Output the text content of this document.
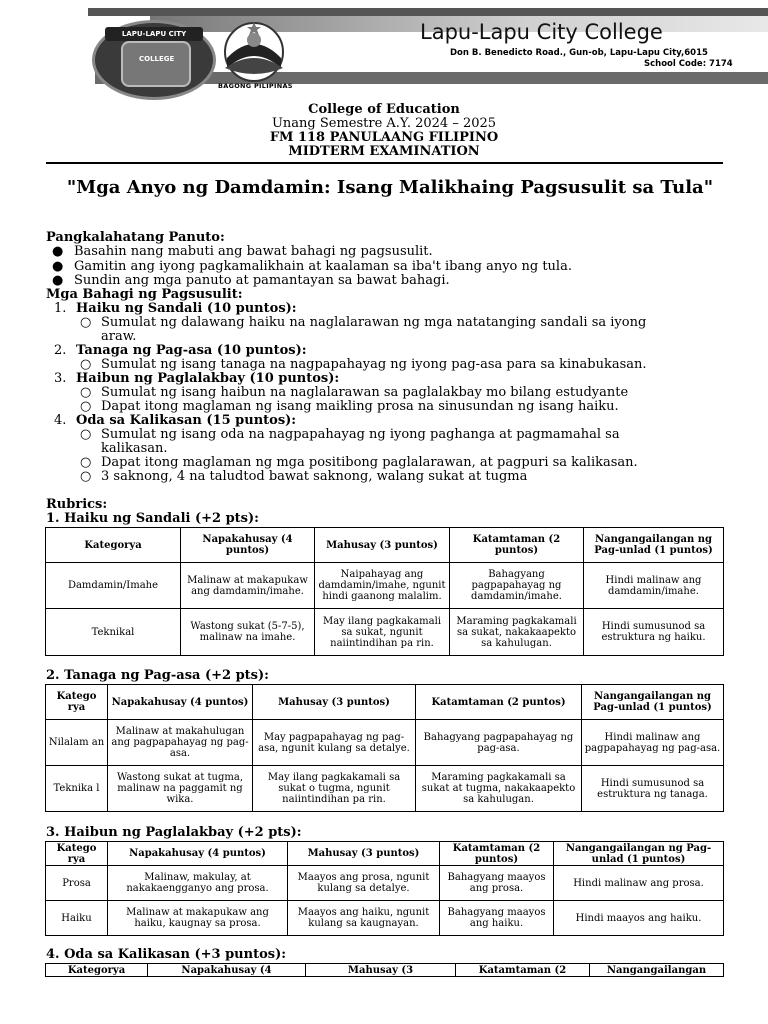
LAPU-LAPU CITY
COLLEGE
BAGONG PILIPINAS
Lapu-Lapu City College
Don B. Benedicto Road., Gun-ob, Lapu-Lapu City,6015
School Code: 7174
College of Education
Unang Semestre A.Y. 2024 – 2025
FM 118 PANULAANG FILIPINO
MIDTERM EXAMINATION
"Mga Anyo ng Damdamin: Isang Malikhaing Pagsusulit sa Tula"
Pangkalahatang Panuto:
● Basahin nang mabuti ang bawat bahagi ng pagsusulit.
● Gamitin ang iyong pagkamalikhain at kaalaman sa iba't ibang anyo ng tula.
● Sundin ang mga panuto at pamantayan sa bawat bahagi.
Mga Bahagi ng Pagsusulit:
1. Haiku ng Sandali (10 puntos):
○ Sumulat ng dalawang haiku na naglalarawan ng mga natatanging sandali sa iyong
araw.
2. Tanaga ng Pag-asa (10 puntos):
○ Sumulat ng isang tanaga na nagpapahayag ng iyong pag-asa para sa kinabukasan.
3. Haibun ng Paglalakbay (10 puntos):
○ Sumulat ng isang haibun na naglalarawan sa paglalakbay mo bilang estudyante
○ Dapat itong maglaman ng isang maikling prosa na sinusundan ng isang haiku.
4. Oda sa Kalikasan (15 puntos):
○ Sumulat ng isang oda na nagpapahayag ng iyong paghanga at pagmamahal sa
kalikasan.
○ Dapat itong maglaman ng mga positibong paglalarawan, at pagpuri sa kalikasan.
○ 3 saknong, 4 na taludtod bawat saknong, walang sukat at tugma
Rubrics:
1. Haiku ng Sandali (+2 pts):
Kategorya	Napakahusay (4 puntos)	Mahusay (3 puntos)	Katamtaman (2 puntos)	Nangangailangan ng Pag-unlad (1 puntos)
Damdamin/Imahe	Malinaw at makapukaw ang damdamin/imahe.	Naipahayag ang damdamin/imahe, ngunit hindi gaanong malalim.	Bahagyang pagpapahayag ng damdamin/imahe.	Hindi malinaw ang damdamin/imahe.
Teknikal	Wastong sukat (5-7-5), malinaw na imahe.	May ilang pagkakamali sa sukat, ngunit naiintindihan pa rin.	Maraming pagkakamali sa sukat, nakakaapekto sa kahulugan.	Hindi sumusunod sa estruktura ng haiku.
2. Tanaga ng Pag-asa (+2 pts):
Katego rya	Napakahusay (4 puntos)	Mahusay (3 puntos)	Katamtaman (2 puntos)	Nangangailangan ng Pag-unlad (1 puntos)
Nilalam an	Malinaw at makahulugan ang pagpapahayag ng pag-asa.	May pagpapahayag ng pag-asa, ngunit kulang sa detalye.	Bahagyang pagpapahayag ng pag-asa.	Hindi malinaw ang pagpapahayag ng pag-asa.
Teknika l	Wastong sukat at tugma, malinaw na paggamit ng wika.	May ilang pagkakamali sa sukat o tugma, ngunit naiintindihan pa rin.	Maraming pagkakamali sa sukat at tugma, nakakaapekto sa kahulugan.	Hindi sumusunod sa estruktura ng tanaga.
3. Haibun ng Paglalakbay (+2 pts):
Katego rya	Napakahusay (4 puntos)	Mahusay (3 puntos)	Katamtaman (2 puntos)	Nangangailangan ng Pag-unlad (1 puntos)
Prosa	Malinaw, makulay, at nakakaengganyo ang prosa.	Maayos ang prosa, ngunit kulang sa detalye.	Bahagyang maayos ang prosa.	Hindi malinaw ang prosa.
Haiku	Malinaw at makapukaw ang haiku, kaugnay sa prosa.	Maayos ang haiku, ngunit kulang sa kaugnayan.	Bahagyang maayos ang haiku.	Hindi maayos ang haiku.
4. Oda sa Kalikasan (+3 puntos):
Kategorya	Napakahusay (4	Mahusay (3	Katamtaman (2	Nangangailangan
